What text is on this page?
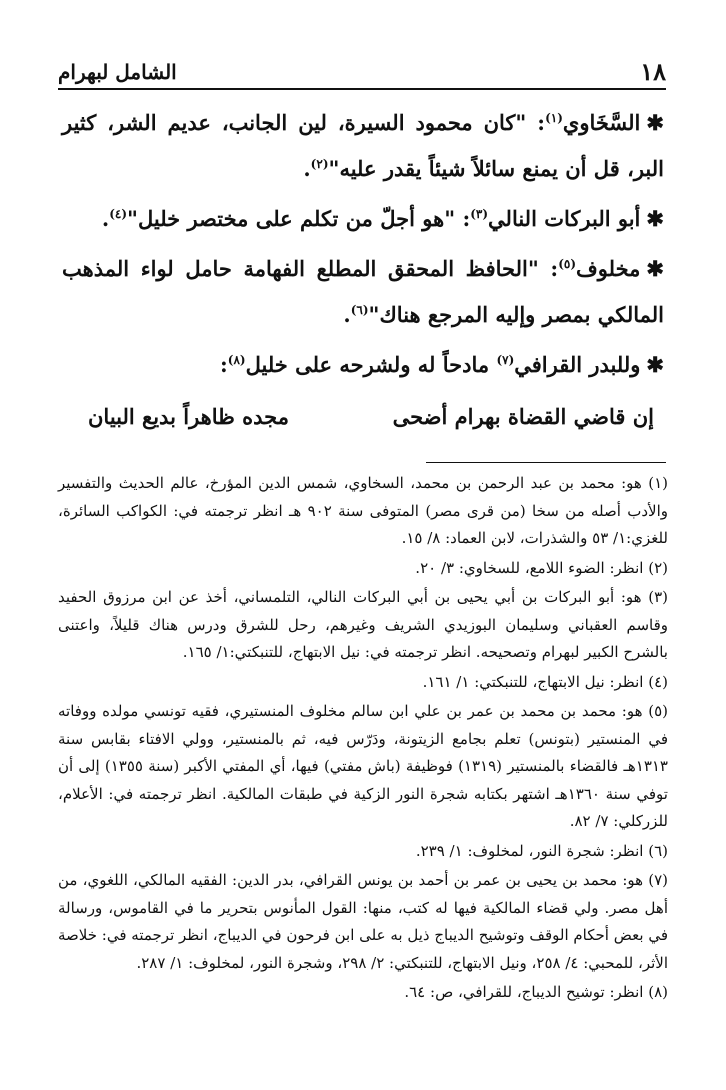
١٨
الشامل لبهرام

✱السَّخَاوي$^{(١)}$: "كان محمود السيرة، لين الجانب، عديم الشر، كثير البر، قل أن يمنع سائلاً شيئاً يقدر عليه"$^{(٢)}$.

✱أبو البركات النالي$^{(٣)}$: "هو أجلّ من تكلم على مختصر خليل"$^{(٤)}$.

✱مخلوف$^{(٥)}$: "الحافظ المحقق المطلع الفهامة حامل لواء المذهب المالكي بمصر وإليه المرجع هناك"$^{(٦)}$.

✱وللبدر القرافي$^{(٧)}$ مادحاً له ولشرحه على خليل$^{(٨)}$:

إن قاضي القضاة بهرام أضحى
مجده ظاهراً بديع البيان

(١) هو: محمد بن عبد الرحمن بن محمد، السخاوي، شمس الدين المؤرخ، عالم الحديث والتفسير والأدب أصله من سخا (من قرى مصر) المتوفى سنة ٩٠٢ هـ انظر ترجمته في: الكواكب السائرة، للغزي:١/ ٥٣ والشذرات، لابن العماد: ٨/ ١٥.

(٢) انظر: الضوء اللامع، للسخاوي: ٣/ ٢٠.

(٣) هو: أبو البركات بن أبي يحيى بن أبي البركات النالي، التلمساني، أخذ عن ابن مرزوق الحفيد وقاسم العقباني وسليمان البوزيدي الشريف وغيرهم، رحل للشرق ودرس هناك قليلاً، واعتنى بالشرح الكبير لبهرام وتصحيحه. انظر ترجمته في: نيل الابتهاج، للتنبكتي:١/ ١٦٥.

(٤) انظر: نيل الابتهاج، للتنبكتي: ١/ ١٦١.

(٥) هو: محمد بن محمد بن عمر بن علي ابن سالم مخلوف المنستيري، فقيه تونسي مولده ووفاته في المنستير (بتونس) تعلم بجامع الزيتونة، ودَرّس فيه، ثم بالمنستير، وولي الافتاء بقابس سنة ١٣١٣هـ فالقضاء بالمنستير (١٣١٩) فوظيفة (باش مفتي) فيها، أي المفتي الأكبر (سنة ١٣٥٥) إلى أن توفي سنة ١٣٦٠هـ اشتهر بكتابه شجرة النور الزكية في طبقات المالكية. انظر ترجمته في: الأعلام، للزركلي: ٧/ ٨٢.

(٦) انظر: شجرة النور، لمخلوف: ١/ ٢٣٩.

(٧) هو: محمد بن يحيى بن عمر بن أحمد بن يونس القرافي، بدر الدين: الفقيه المالكي، اللغوي، من أهل مصر. ولي قضاء المالكية فيها له كتب، منها: القول المأنوس بتحرير ما في القاموس، ورسالة في بعض أحكام الوقف وتوشيح الديباج ذيل به على ابن فرحون في الديباج، انظر ترجمته في: خلاصة الأثر، للمحبي: ٤/ ٢٥٨، ونيل الابتهاج، للتنبكتي: ٢/ ٢٩٨، وشجرة النور، لمخلوف: ١/ ٢٨٧.

(٨) انظر: توشيح الديباج، للقرافي، ص: ٦٤.
